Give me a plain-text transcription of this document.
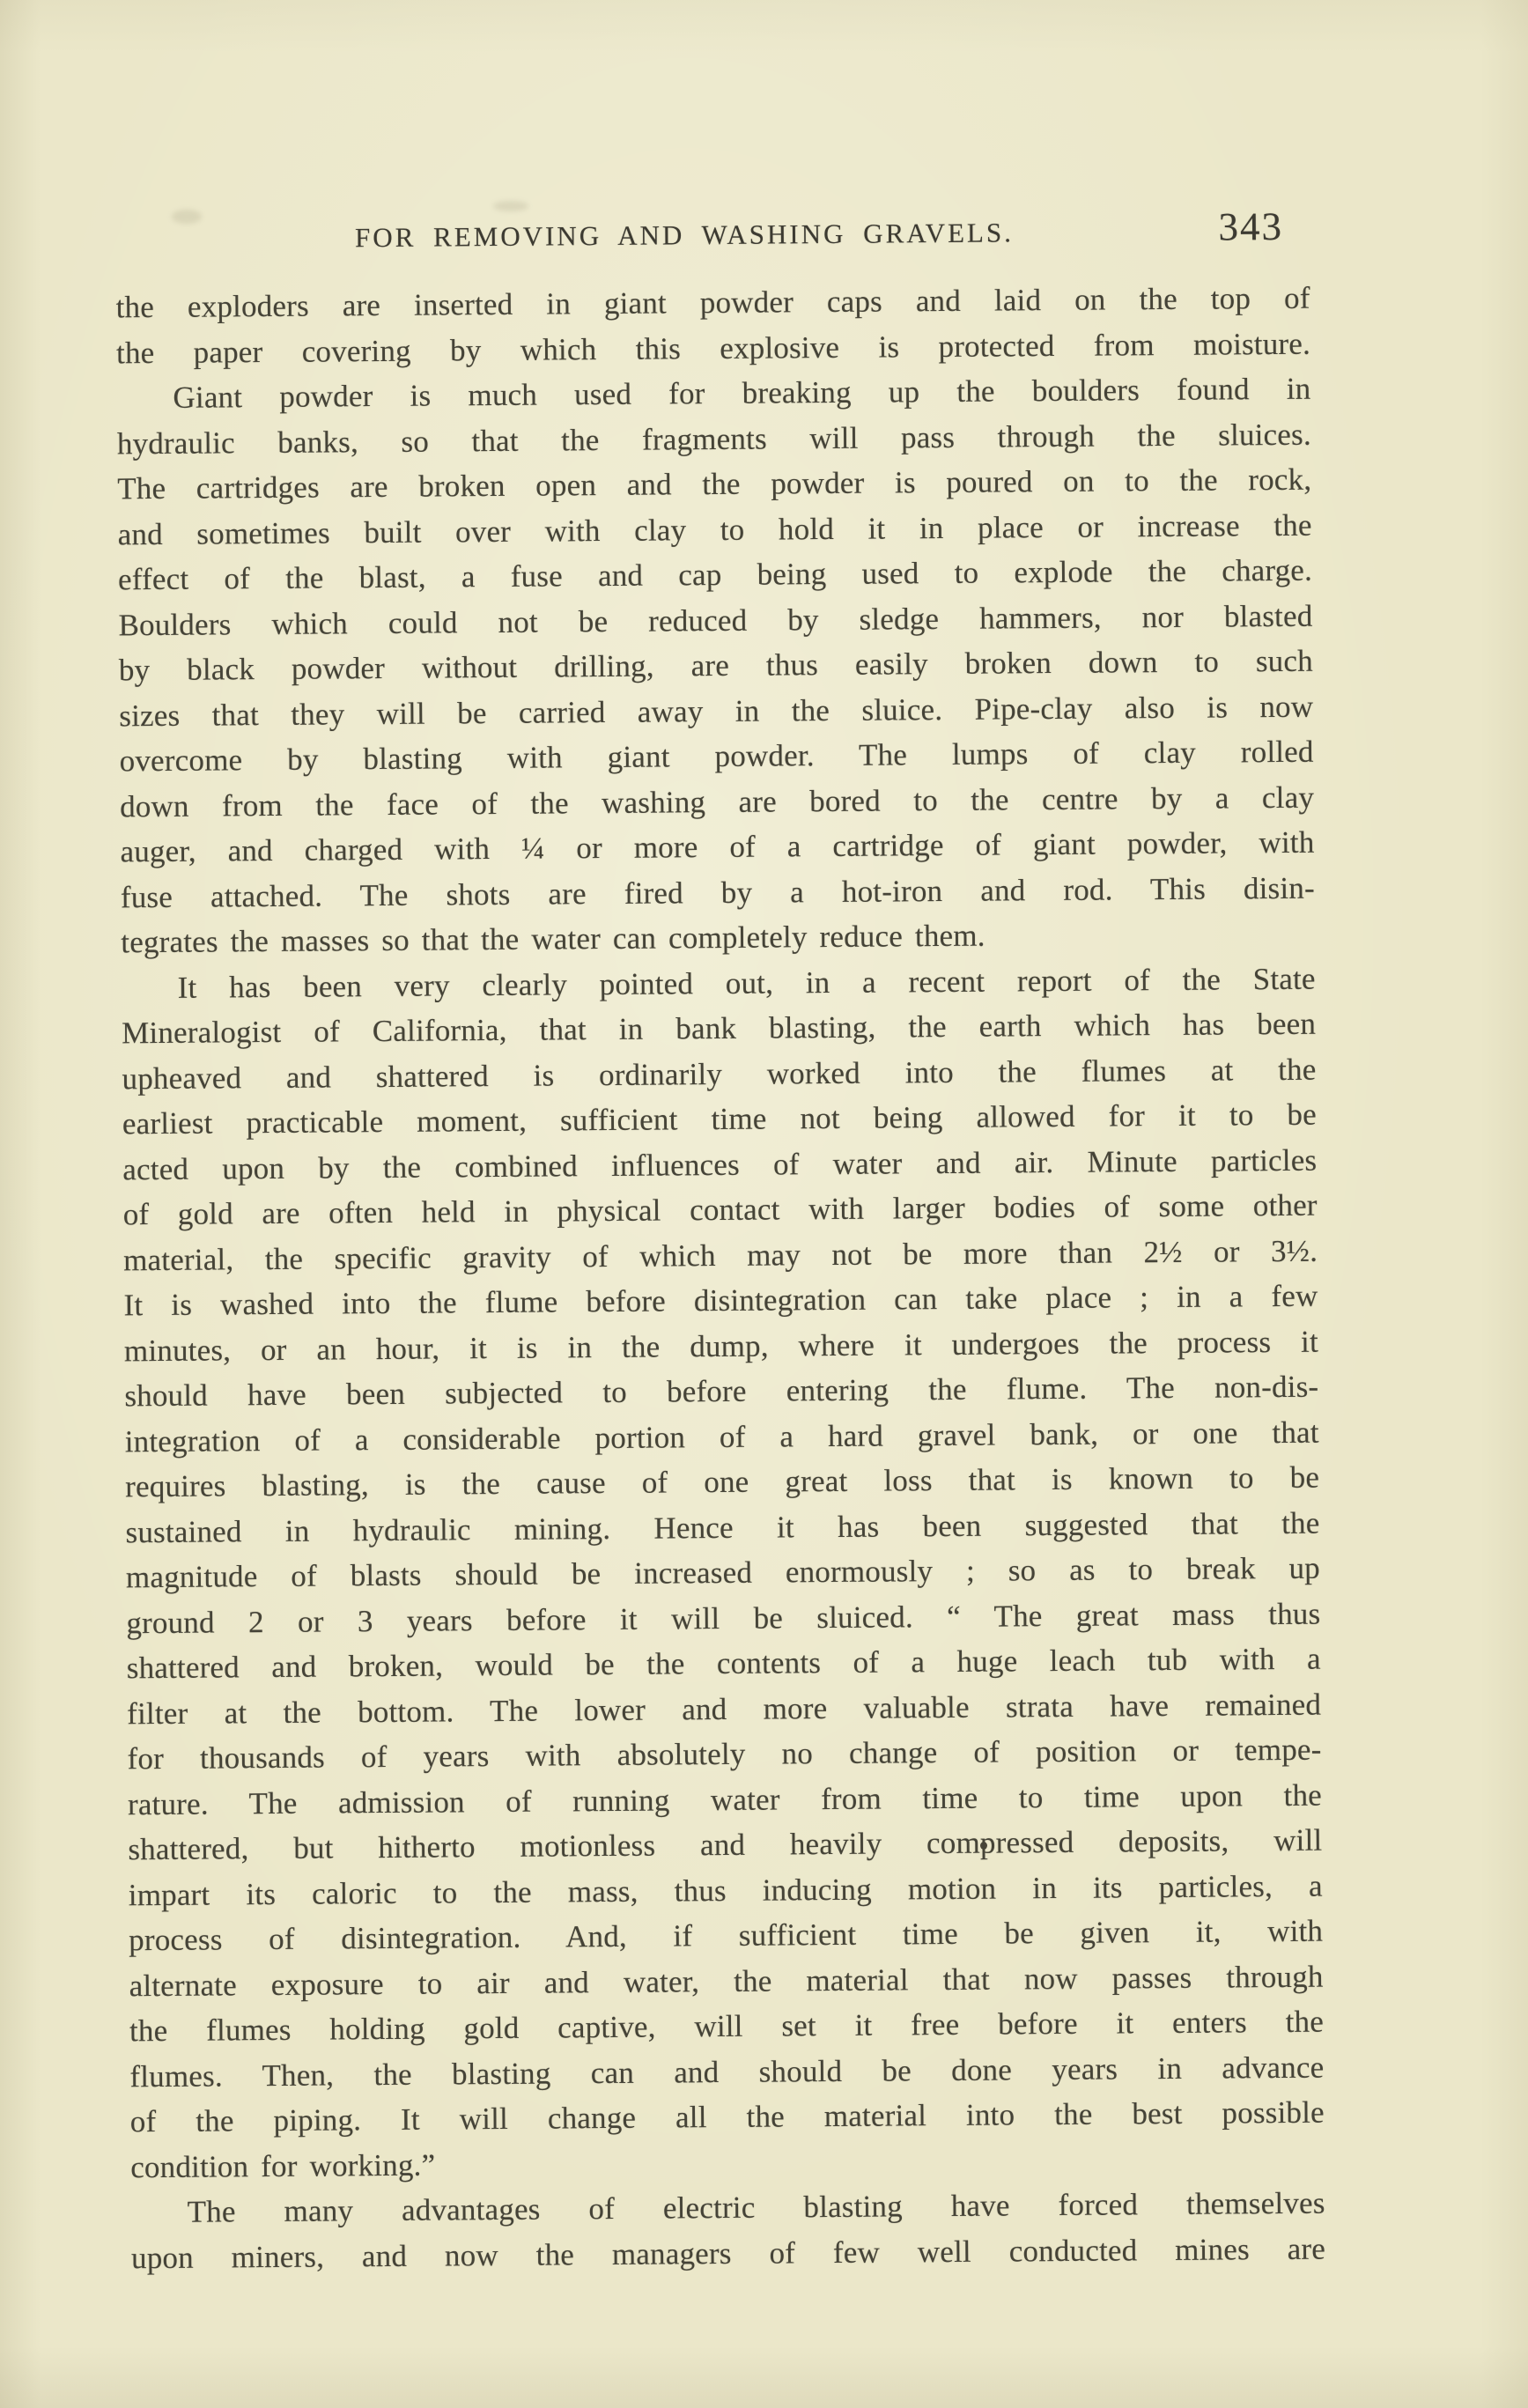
FOR REMOVING AND WASHING GRAVELS.	343
the exploders are inserted in giant powder caps and laid on the top of
the paper covering by which this explosive is protected from moisture.
Giant powder is much used for breaking up the boulders found in
hydraulic banks, so that the fragments will pass through the sluices.
The cartridges are broken open and the powder is poured on to the rock,
and sometimes built over with clay to hold it in place or increase the
effect of the blast, a fuse and cap being used to explode the charge.
Boulders which could not be reduced by sledge hammers, nor blasted
by black powder without drilling, are thus easily broken down to such
sizes that they will be carried away in the sluice. Pipe-clay also is now
overcome by blasting with giant powder. The lumps of clay rolled
down from the face of the washing are bored to the centre by a clay
auger, and charged with ¼ or more of a cartridge of giant powder, with
fuse attached. The shots are fired by a hot-iron and rod. This disin-
tegrates the masses so that the water can completely reduce them.
It has been very clearly pointed out, in a recent report of the State
Mineralogist of California, that in bank blasting, the earth which has been
upheaved and shattered is ordinarily worked into the flumes at the
earliest practicable moment, sufficient time not being allowed for it to be
acted upon by the combined influences of water and air. Minute particles
of gold are often held in physical contact with larger bodies of some other
material, the specific gravity of which may not be more than 2½ or 3½.
It is washed into the flume before disintegration can take place ; in a few
minutes, or an hour, it is in the dump, where it undergoes the process it
should have been subjected to before entering the flume. The non-dis-
integration of a considerable portion of a hard gravel bank, or one that
requires blasting, is the cause of one great loss that is known to be
sustained in hydraulic mining. Hence it has been suggested that the
magnitude of blasts should be increased enormously ; so as to break up
ground 2 or 3 years before it will be sluiced. “ The great mass thus
shattered and broken, would be the contents of a huge leach tub with a
filter at the bottom. The lower and more valuable strata have remained
for thousands of years with absolutely no change of position or tempe-
rature. The admission of running water from time to time upon the
shattered, but hitherto motionless and heavily compressed deposits, will
impart its caloric to the mass, thus inducing motion in its particles, a
process of disintegration. And, if sufficient time be given it, with
alternate exposure to air and water, the material that now passes through
the flumes holding gold captive, will set it free before it enters the
flumes. Then, the blasting can and should be done years in advance
of the piping. It will change all the material into the best possible
condition for working.”
The many advantages of electric blasting have forced themselves
upon miners, and now the managers of few well conducted mines are
